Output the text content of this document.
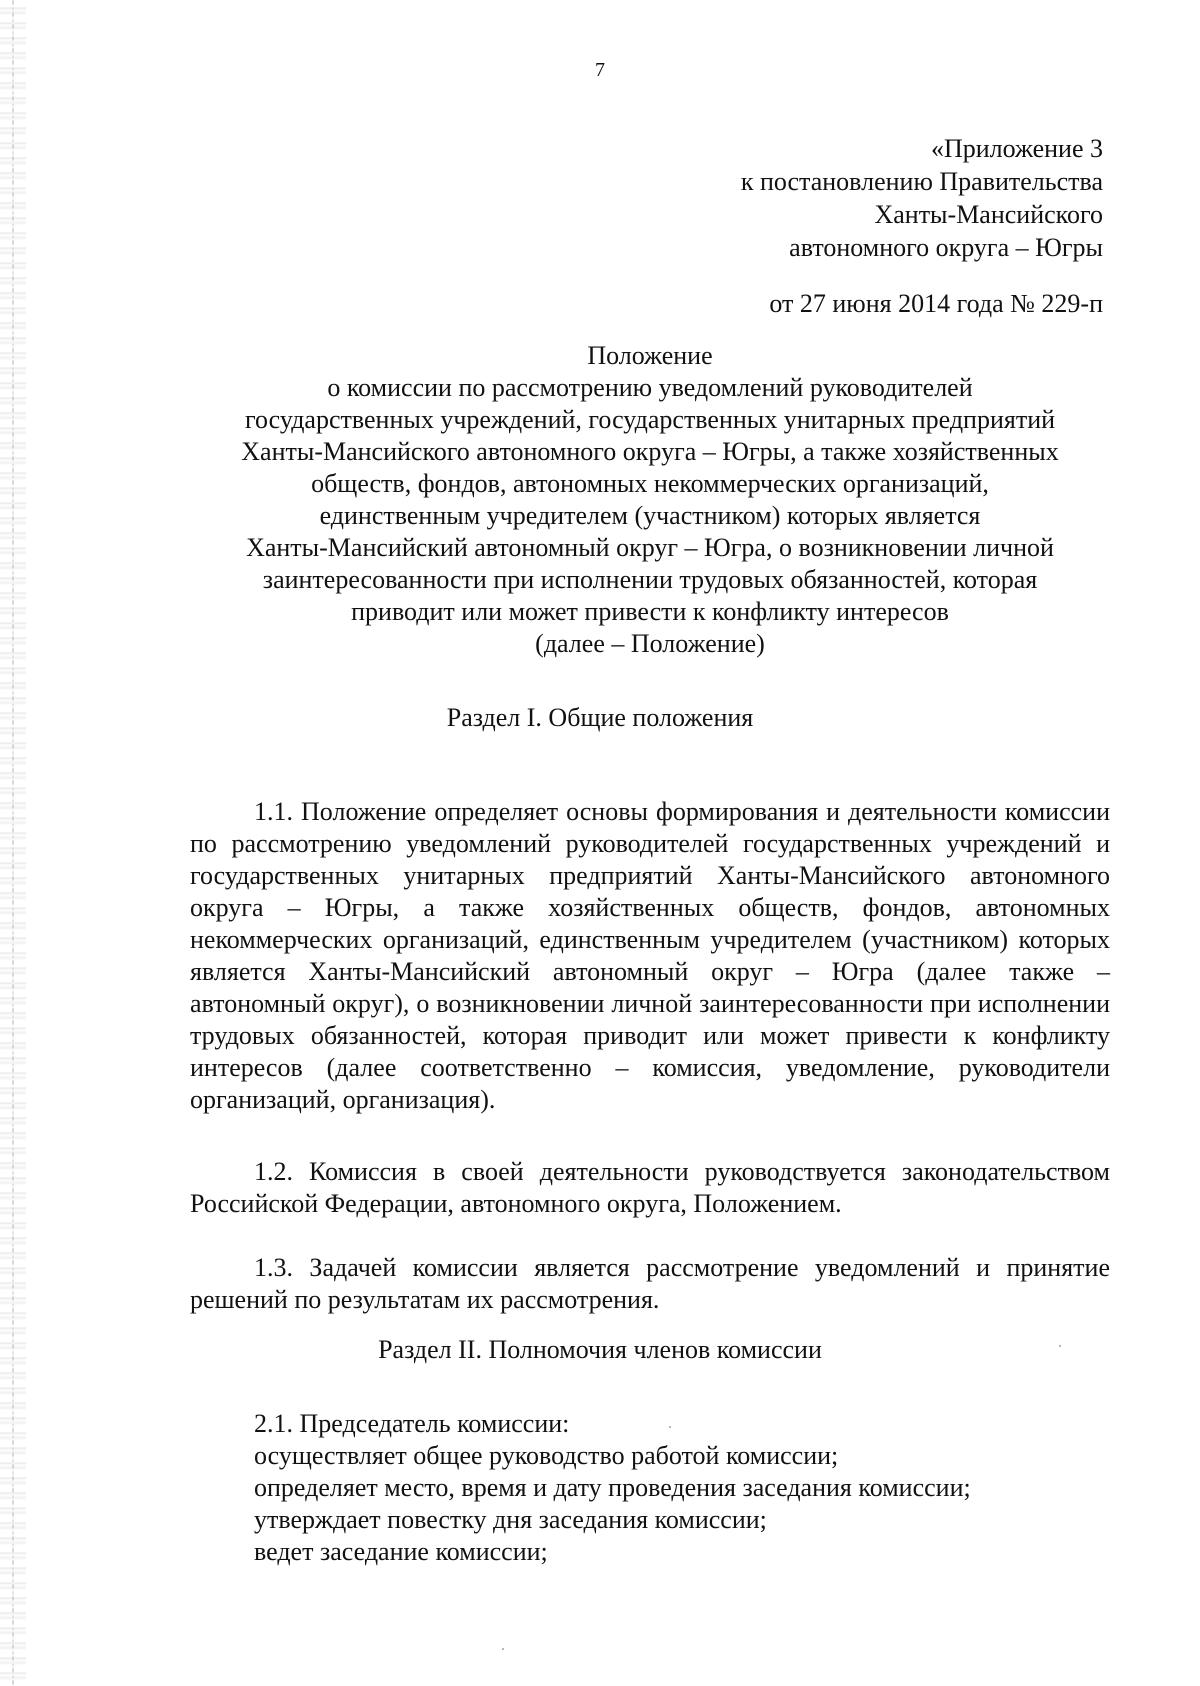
7
«Приложение 3
к постановлению Правительства
Ханты-Мансийского
автономного округа – Югры
от 27 июня 2014 года № 229-п
Положение
о комиссии по рассмотрению уведомлений руководителей
государственных учреждений, государственных унитарных предприятий
Ханты-Мансийского автономного округа – Югры, а также хозяйственных
обществ, фондов, автономных некоммерческих организаций,
единственным учредителем (участником) которых является
Ханты-Мансийский автономный округ – Югра, о возникновении личной
заинтересованности при исполнении трудовых обязанностей, которая
приводит или может привести к конфликту интересов
(далее – Положение)
Раздел I. Общие положения

1.1. Положение определяет основы формирования и деятельности комиссии по рассмотрению уведомлений руководителей государственных учреждений и государственных унитарных предприятий Ханты-Мансийского автономного округа – Югры, а также хозяйственных обществ, фондов, автономных некоммерческих организаций, единственным учредителем (участником) которых является Ханты-Мансийский автономный округ – Югра (далее также – автономный округ), о возникновении личной заинтересованности при исполнении трудовых обязанностей, которая приводит или может привести к конфликту интересов (далее соответственно – комиссия, уведомление, руководители организаций, организация).

1.2. Комиссия в своей деятельности руководствуется законодательством Российской Федерации, автономного округа, Положением.

1.3. Задачей комиссии является рассмотрение уведомлений и принятие решений по результатам их рассмотрения.

Раздел II. Полномочия членов комиссии
2.1. Председатель комиссии:
осуществляет общее руководство работой комиссии;
определяет место, время и дату проведения заседания комиссии;
утверждает повестку дня заседания комиссии;
ведет заседание комиссии;
